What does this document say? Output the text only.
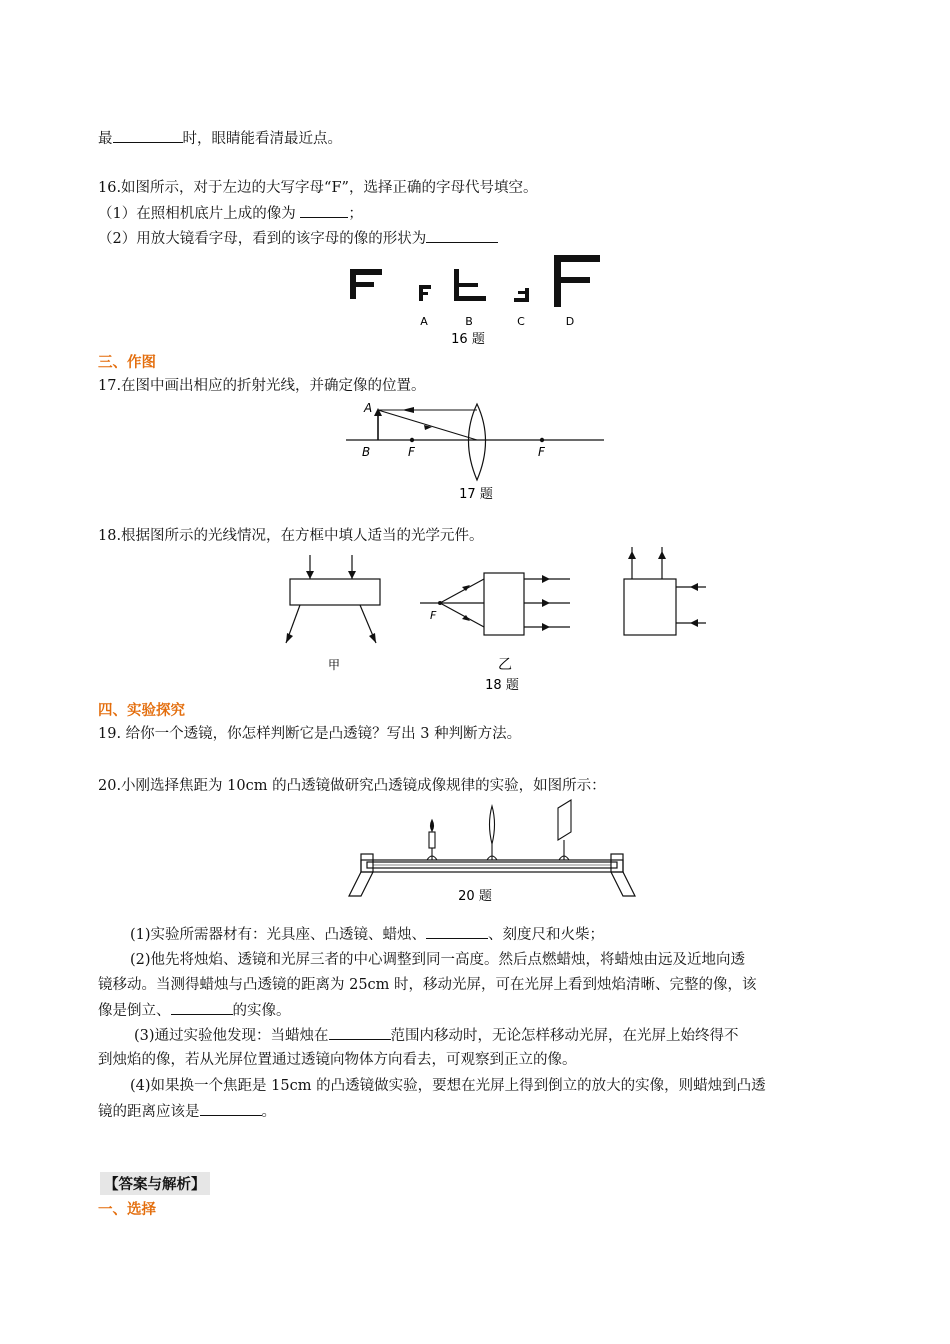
最	时，眼睛能看清最近点。
16.如图所示，对于左边的大写字母“F”，选择正确的字母代号填空。
（1）在照相机底片上成的像为	；
（2）用放大镜看字母，看到的该字母的像的形状为
A	B	C	D
16 题
三、作图
17.在图中画出相应的折射光线，并确定像的位置。
A
B	F	F
17 题
18.根据图所示的光线情况，在方框中填人适当的光学元件。
甲
F
乙
18 题
四、实验探究
19. 给你一个透镜，你怎样判断它是凸透镜？写出 3 种判断方法。
20.小刚选择焦距为 10cm 的凸透镜做研究凸透镜成像规律的实验，如图所示：
20 题
(1)实验所需器材有：光具座、凸透镜、蜡烛、	、刻度尺和火柴；
(2)他先将烛焰、透镜和光屏三者的中心调整到同一高度。然后点燃蜡烛，将蜡烛由远及近地向透
镜移动。当测得蜡烛与凸透镜的距离为 25cm 时，移动光屏，可在光屏上看到烛焰清晰、完整的像，该
像是倒立、	的实像。
(3)通过实验他发现：当蜡烛在	范围内移动时，无论怎样移动光屏，在光屏上始终得不
到烛焰的像，若从光屏位置通过透镜向物体方向看去，可观察到正立的像。
(4)如果换一个焦距是 15cm 的凸透镜做实验，要想在光屏上得到倒立的放大的实像，则蜡烛到凸透
镜的距离应该是	。
【答案与解析】
一、选择
